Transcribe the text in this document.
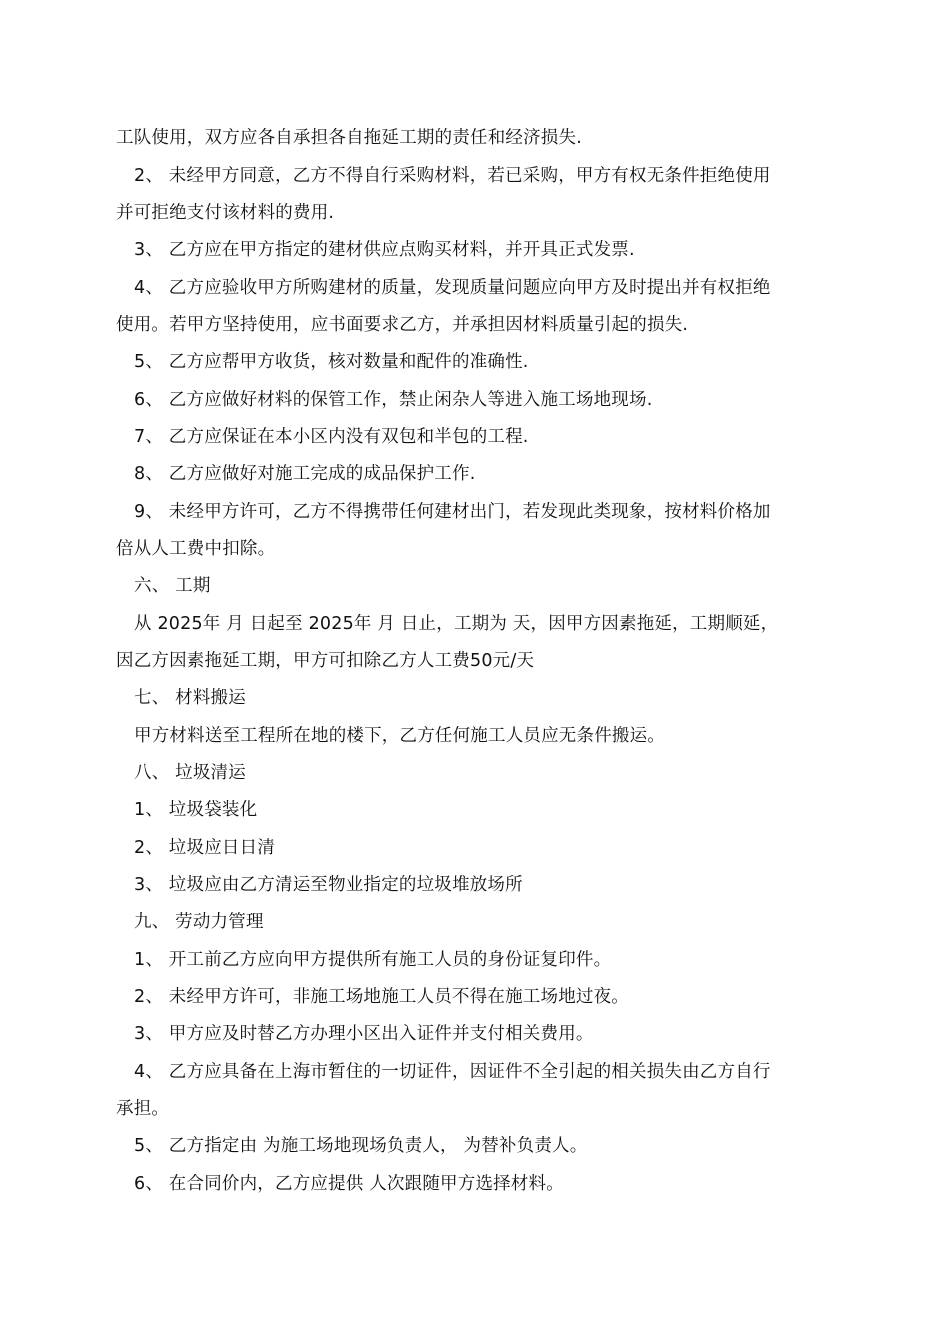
工队使用，双方应各自承担各自拖延工期的责任和经济损失.
2、 未经甲方同意，乙方不得自行采购材料，若已采购，甲方有权无条件拒绝使用
并可拒绝支付该材料的费用.
3、 乙方应在甲方指定的建材供应点购买材料，并开具正式发票.
4、 乙方应验收甲方所购建材的质量，发现质量问题应向甲方及时提出并有权拒绝
使用。若甲方坚持使用，应书面要求乙方，并承担因材料质量引起的损失.
5、 乙方应帮甲方收货，核对数量和配件的准确性.
6、 乙方应做好材料的保管工作，禁止闲杂人等进入施工场地现场.
7、 乙方应保证在本小区内没有双包和半包的工程.
8、 乙方应做好对施工完成的成品保护工作.
9、 未经甲方许可，乙方不得携带任何建材出门，若发现此类现象，按材料价格加
倍从人工费中扣除。
六、 工期
从 2025年 月 日起至 2025年 月 日止，工期为 天，因甲方因素拖延，工期顺延，
因乙方因素拖延工期，甲方可扣除乙方人工费50元/天
七、 材料搬运
甲方材料送至工程所在地的楼下，乙方任何施工人员应无条件搬运。
八、 垃圾清运
1、 垃圾袋装化
2、 垃圾应日日清
3、 垃圾应由乙方清运至物业指定的垃圾堆放场所
九、 劳动力管理
1、 开工前乙方应向甲方提供所有施工人员的身份证复印件。
2、 未经甲方许可，非施工场地施工人员不得在施工场地过夜。
3、 甲方应及时替乙方办理小区出入证件并支付相关费用。
4、 乙方应具备在上海市暂住的一切证件，因证件不全引起的相关损失由乙方自行
承担。
5、 乙方指定由 为施工场地现场负责人， 为替补负责人。
6、 在合同价内，乙方应提供 人次跟随甲方选择材料。
